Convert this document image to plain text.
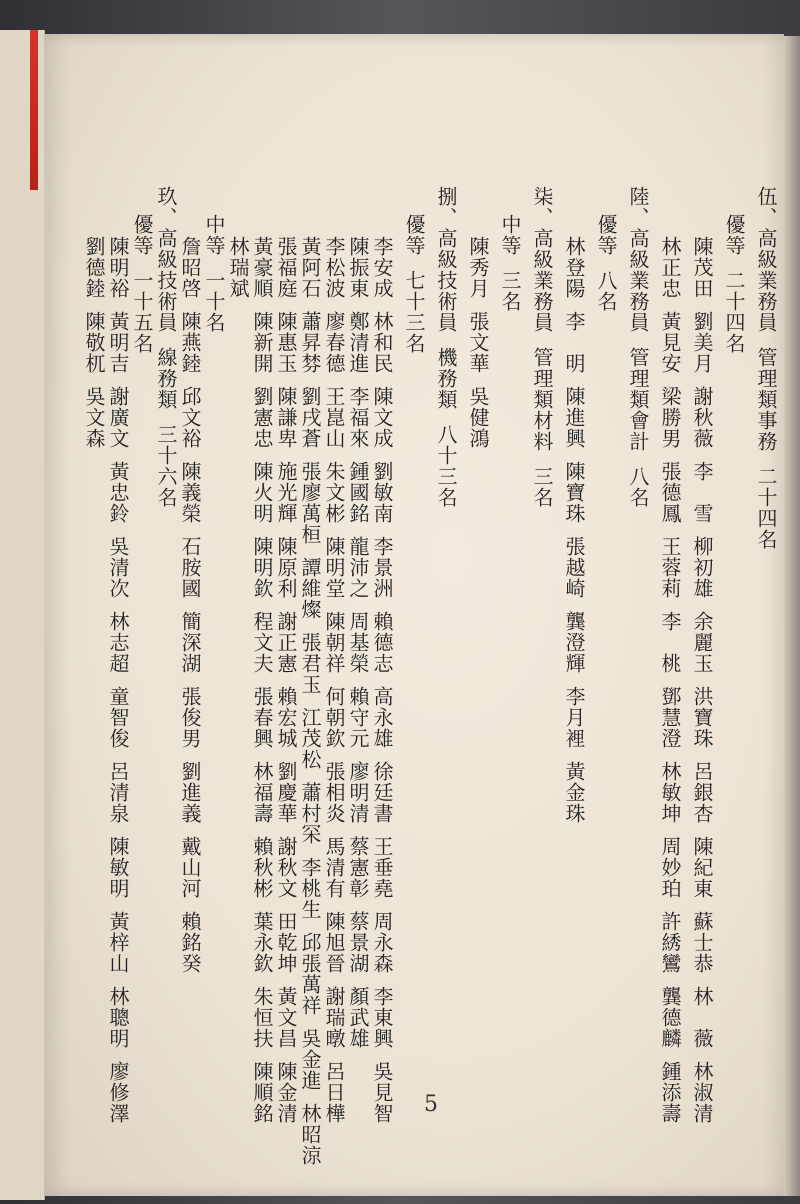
伍、高級業務員管理類事務二十四名
優等二十四名
陳茂田劉美月謝秋薇李　雪柳初雄余麗玉洪寶珠呂銀杏陳紀東蘇士恭林　薇林淑清
林正忠黃見安梁勝男張德鳳王蓉莉李　桃鄧慧澄林敏坤周妙珀許綉鸞龔德麟鍾添壽
陸、高級業務員管理類會計八名
優等八名
林登陽李　明陳進興陳寶珠張越崎龔澄輝李月裡黃金珠
柒、高級業務員管理類材料三名
中等三名
陳秀月張文華吳健鴻
捌、高級技術員機務類八十三名
優等七十三名
李安成林和民陳文成劉敏南李景洲賴德志高永雄徐廷書王垂堯周永森李東興吳見智
陳振東鄭清進李福來鍾國銘龍沛之周基榮賴守元廖明清蔡憲彰蔡景湖顏武雄
李松波廖春德王崑山朱文彬陳明堂陳朝祥何朝欽張相炎馬清有陳旭晉謝瑞暾呂日樺
黃阿石蕭昇棼劉戌蒼張廖萬桓譚維燦張君玉江茂松蕭村罙李桃生邱張萬祥吳金進林昭涼
張福庭陳惠玉陳謙卑施光輝陳原利謝正憲賴宏城劉慶華謝秋文田乾坤黃文昌陳金清
黃豪順陳新開劉憲忠陳火明陳明欽程文夫張春興林福壽賴秋彬葉永欽朱恒扶陳順銘
林瑞斌
中等一十名
詹昭啓陳燕錴邱文裕陳義榮石胺國簡深湖張俊男劉進義戴山河賴銘癸
玖、高級技術員線務類三十六名
優等一十五名
陳明裕黃明吉謝廣文黃忠鈴吳清次林志超童智俊呂清泉陳敏明黃梓山林聰明廖修澤
劉德錴陳敬杌吳文森
5
